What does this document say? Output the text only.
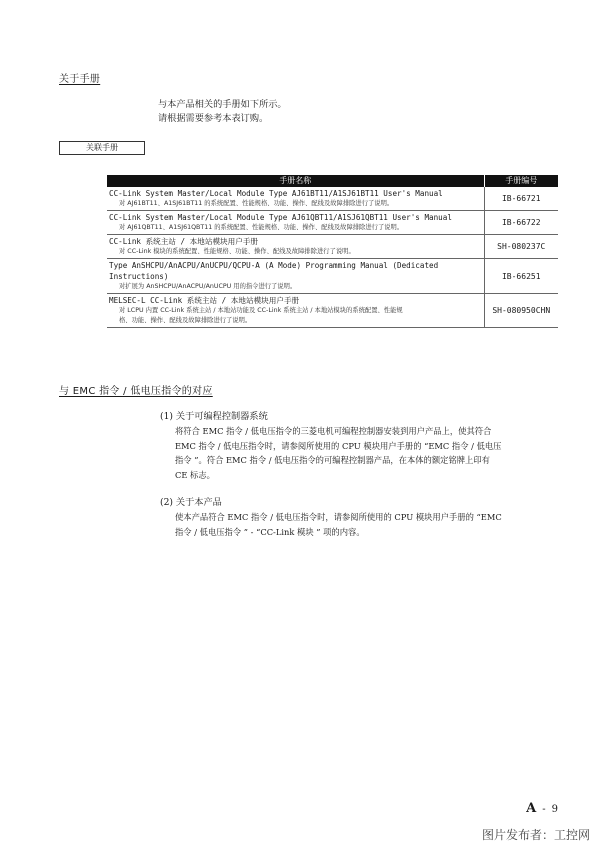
关于手册
与本产品相关的手册如下所示。
请根据需要参考本表订购。
关联手册
手册名称	手册编号

CC-Link System Master/Local Module Type AJ61BT11/A1SJ61BT11 User's Manual
对 AJ61BT11、A1SJ61BT11 的系统配置、性能规格、功能、操作、配线及故障排除进行了说明。	IB-66721

CC-Link System Master/Local Module Type AJ61QBT11/A1SJ61QBT11 User's Manual
对 AJ61QBT11、A1SJ61QBT11 的系统配置、性能规格、功能、操作、配线及故障排除进行了说明。	IB-66722

CC-Link 系统主站 / 本地站模块用户手册
对 CC-Link 模块的系统配置、性能规格、功能、操作、配线及故障排除进行了说明。	SH-080237C

Type AnSHCPU/AnACPU/AnUCPU/QCPU-A (A Mode) Programming Manual (Dedicated
Instructions)
对扩展为 AnSHCPU/AnACPU/AnUCPU 用的指令进行了说明。	IB-66251

MELSEC-L CC-Link 系统主站 / 本地站模块用户手册
对 LCPU 内置 CC-Link 系统主站 / 本地站功能及 CC-Link 系统主站 / 本地站模块的系统配置、性能规
格、功能、操作、配线及故障排除进行了说明。	SH-080950CHN
与 EMC 指令 / 低电压指令的对应
(1) 关于可编程控制器系统
将符合 EMC 指令 / 低电压指令的三菱电机可编程控制器安装到用户产品上，使其符合
EMC 指令 / 低电压指令时，请参阅所使用的 CPU 模块用户手册的 “EMC 指令 / 低电压
指令 ”。符合 EMC 指令 / 低电压指令的可编程控制器产品，在本体的额定铭牌上印有
CE 标志。
(2) 关于本产品
使本产品符合 EMC 指令 / 低电压指令时，请参阅所使用的 CPU 模块用户手册的 “EMC
指令 / 低电压指令 ” - “CC-Link 模块 ” 项的内容。
A - 9
图片发布者：工控网
